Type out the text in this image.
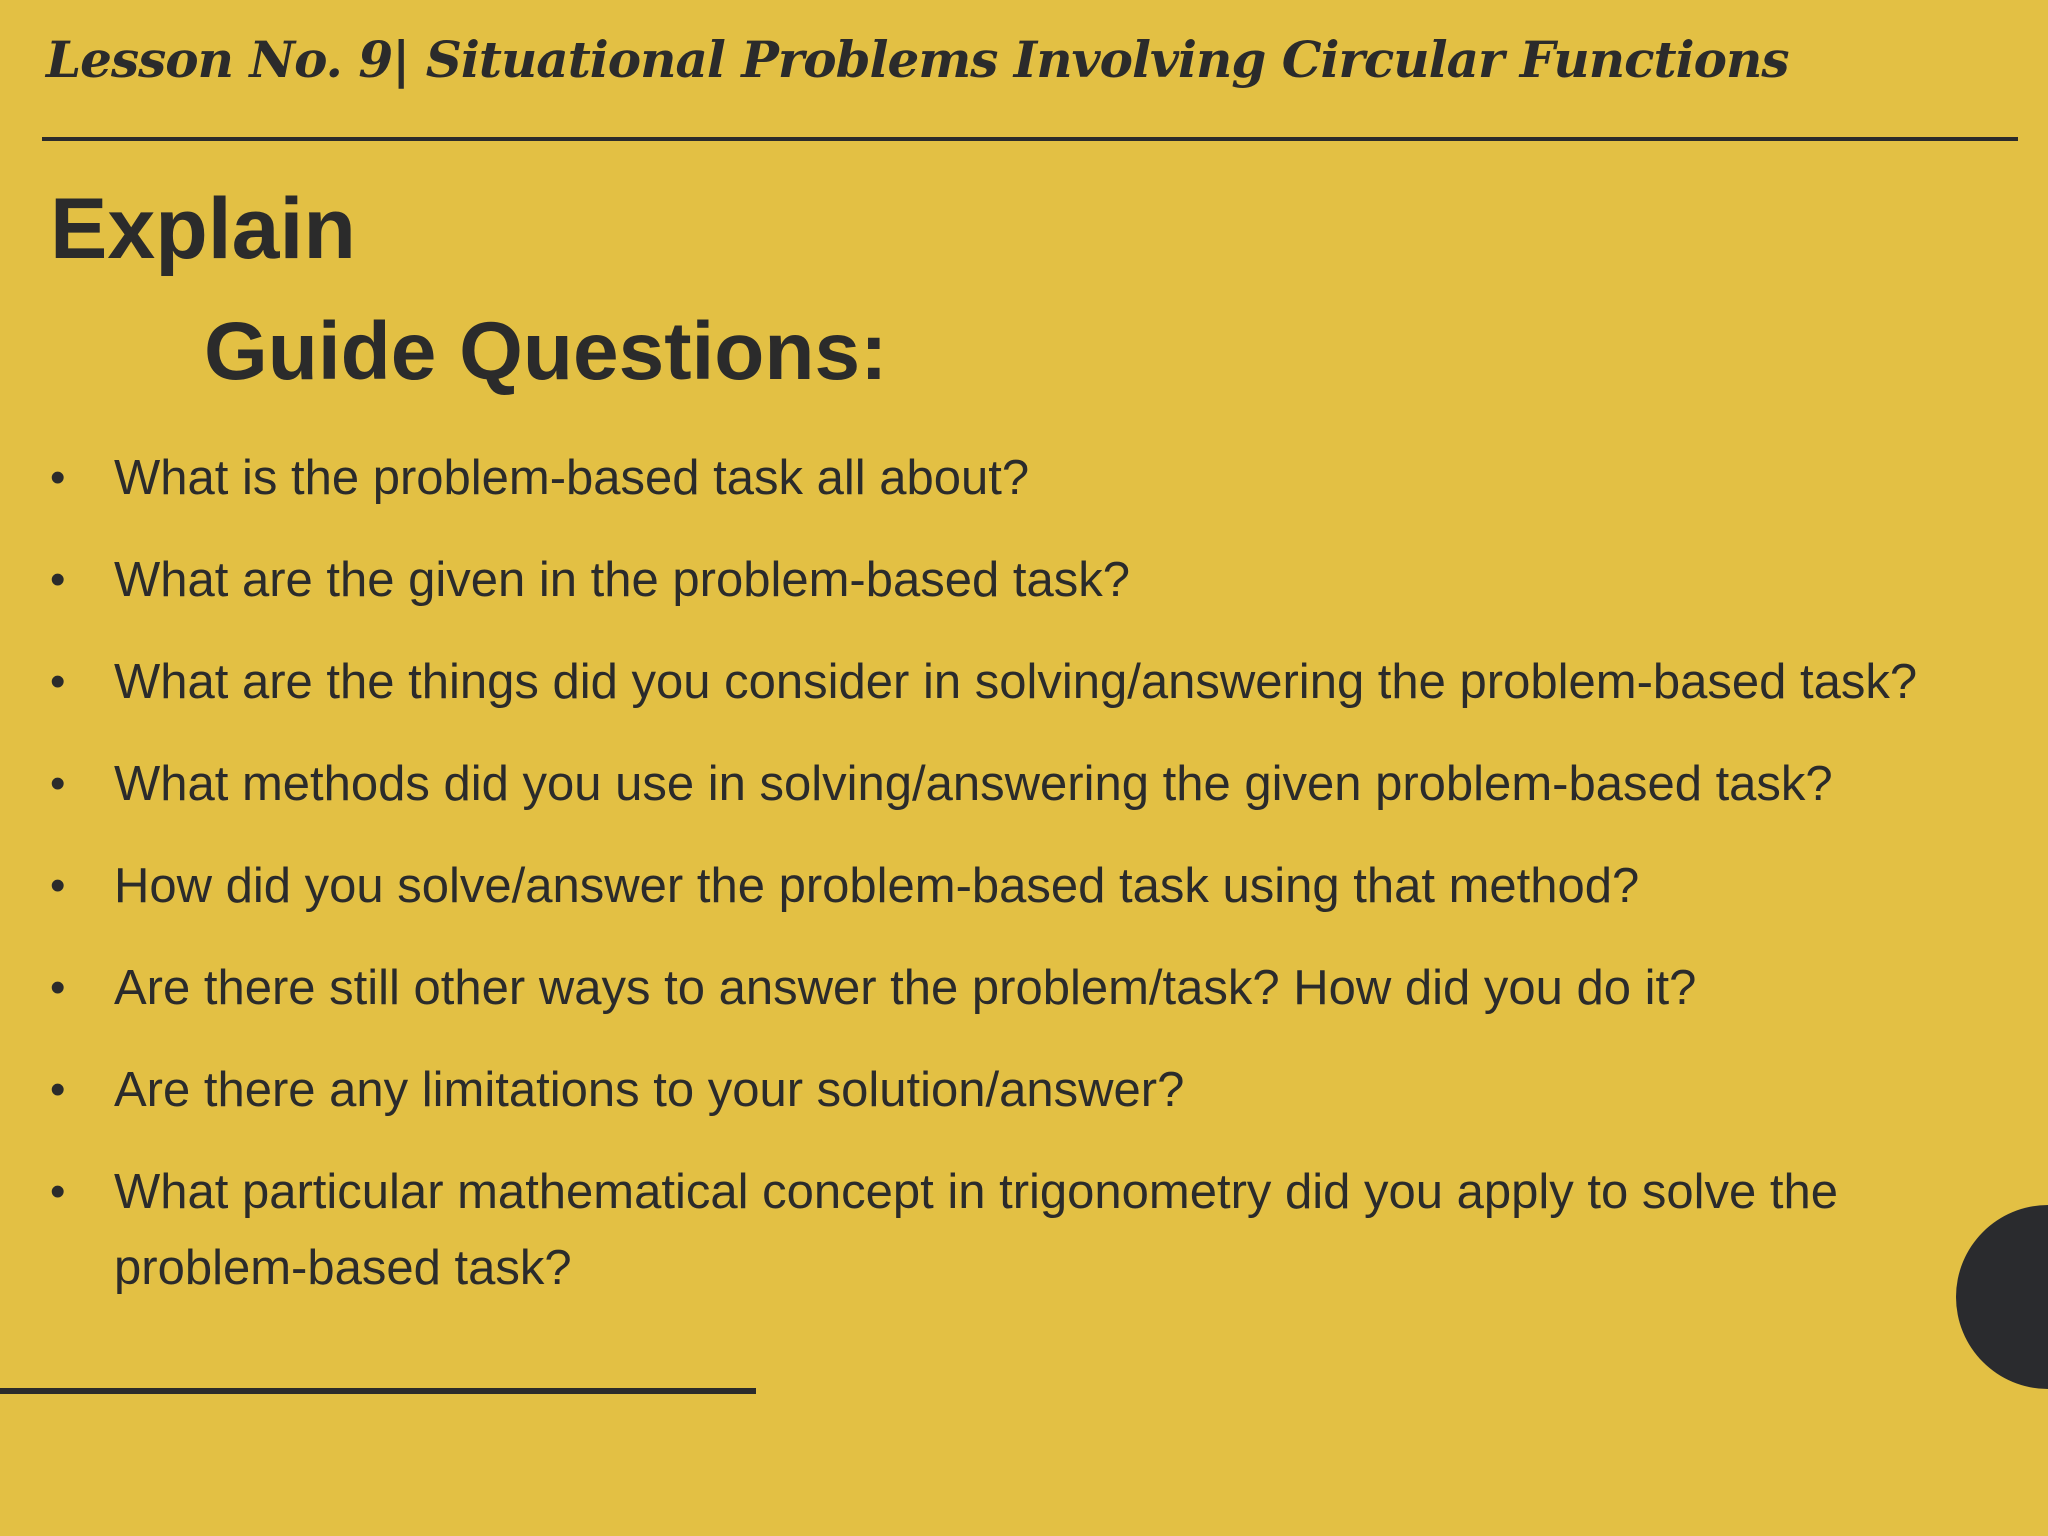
Lesson No. 9| Situational Problems Involving Circular Functions
Explain
Guide Questions:
• What is the problem-based task all about?
• What are the given in the problem-based task?
• What are the things did you consider in solving/answering the problem-based task?
• What methods did you use in solving/answering the given problem-based task?
• How did you solve/answer the problem-based task using that method?
• Are there still other ways to answer the problem/task? How did you do it?
• Are there any limitations to your solution/answer?
• What particular mathematical concept in trigonometry did you apply to solve the problem-based task?
